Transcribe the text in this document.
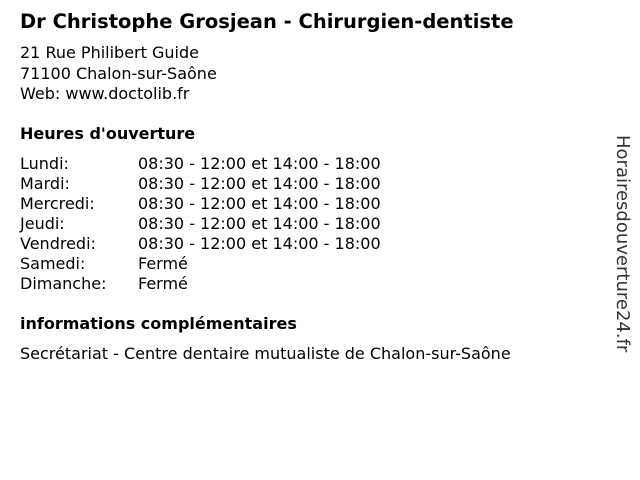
Dr Christophe Grosjean - Chirurgien-dentiste
21 Rue Philibert Guide
71100 Chalon-sur-Saône
Web: www.doctolib.fr
Heures d'ouverture
Lundi:	08:30 - 12:00 et 14:00 - 18:00
Mardi:	08:30 - 12:00 et 14:00 - 18:00
Mercredi:	08:30 - 12:00 et 14:00 - 18:00
Jeudi:	08:30 - 12:00 et 14:00 - 18:00
Vendredi:	08:30 - 12:00 et 14:00 - 18:00
Samedi:	Fermé
Dimanche: Fermé
informations complémentaires
Secrétariat - Centre dentaire mutualiste de Chalon-sur-Saône
Horairesdouverture24.fr
